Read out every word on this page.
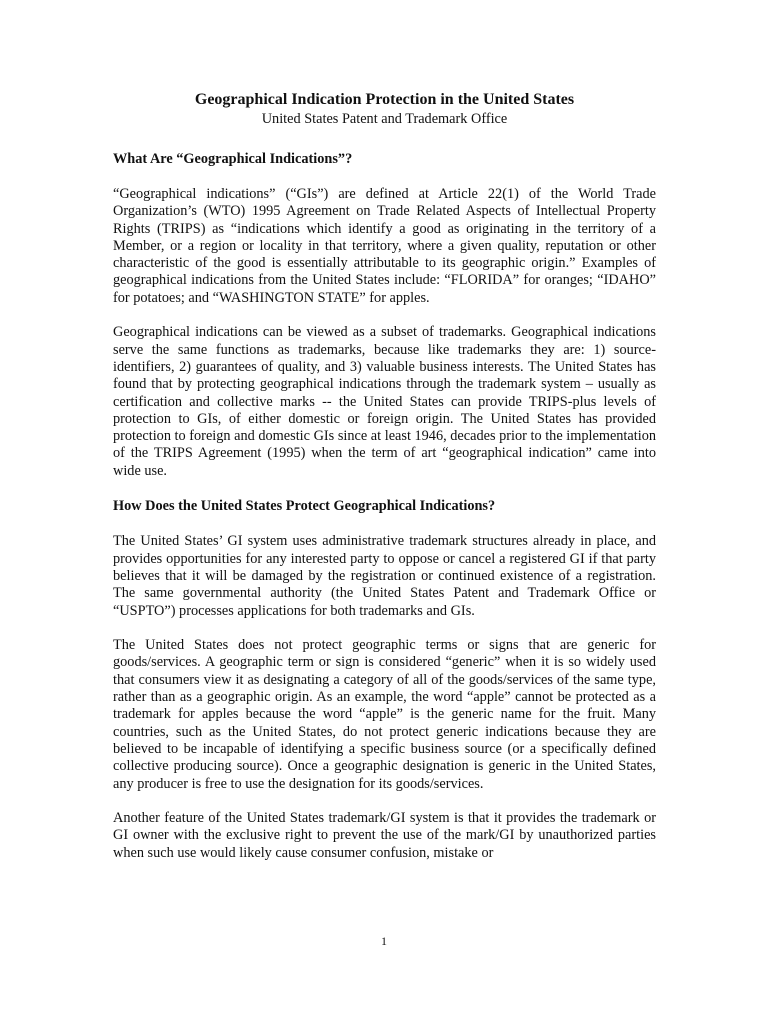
Geographical Indication Protection in the United States
United States Patent and Trademark Office
What Are “Geographical Indications”?

“Geographical indications” (“GIs”) are defined at Article 22(1) of the World Trade Organization’s (WTO) 1995 Agreement on Trade Related Aspects of Intellectual Property Rights (TRIPS) as “indications which identify a good as originating in the territory of a Member, or a region or locality in that territory, where a given quality, reputation or other characteristic of the good is essentially attributable to its geographic origin.” Examples of geographical indications from the United States include: “FLORIDA” for oranges; “IDAHO” for potatoes; and “WASHINGTON STATE” for apples.

Geographical indications can be viewed as a subset of trademarks. Geographical indications serve the same functions as trademarks, because like trademarks they are: 1) source-identifiers, 2) guarantees of quality, and 3) valuable business interests. The United States has found that by protecting geographical indications through the trademark system – usually as certification and collective marks -- the United States can provide TRIPS-plus levels of protection to GIs, of either domestic or foreign origin. The United States has provided protection to foreign and domestic GIs since at least 1946, decades prior to the implementation of the TRIPS Agreement (1995) when the term of art “geographical indication” came into wide use.

How Does the United States Protect Geographical Indications?

The United States’ GI system uses administrative trademark structures already in place, and provides opportunities for any interested party to oppose or cancel a registered GI if that party believes that it will be damaged by the registration or continued existence of a registration. The same governmental authority (the United States Patent and Trademark Office or “USPTO”) processes applications for both trademarks and GIs.

The United States does not protect geographic terms or signs that are generic for goods/services. A geographic term or sign is considered “generic” when it is so widely used that consumers view it as designating a category of all of the goods/services of the same type, rather than as a geographic origin. As an example, the word “apple” cannot be protected as a trademark for apples because the word “apple” is the generic name for the fruit. Many countries, such as the United States, do not protect generic indications because they are believed to be incapable of identifying a specific business source (or a specifically defined collective producing source). Once a geographic designation is generic in the United States, any producer is free to use the designation for its goods/services.

Another feature of the United States trademark/GI system is that it provides the trademark or GI owner with the exclusive right to prevent the use of the mark/GI by unauthorized parties when such use would likely cause consumer confusion, mistake or

1
